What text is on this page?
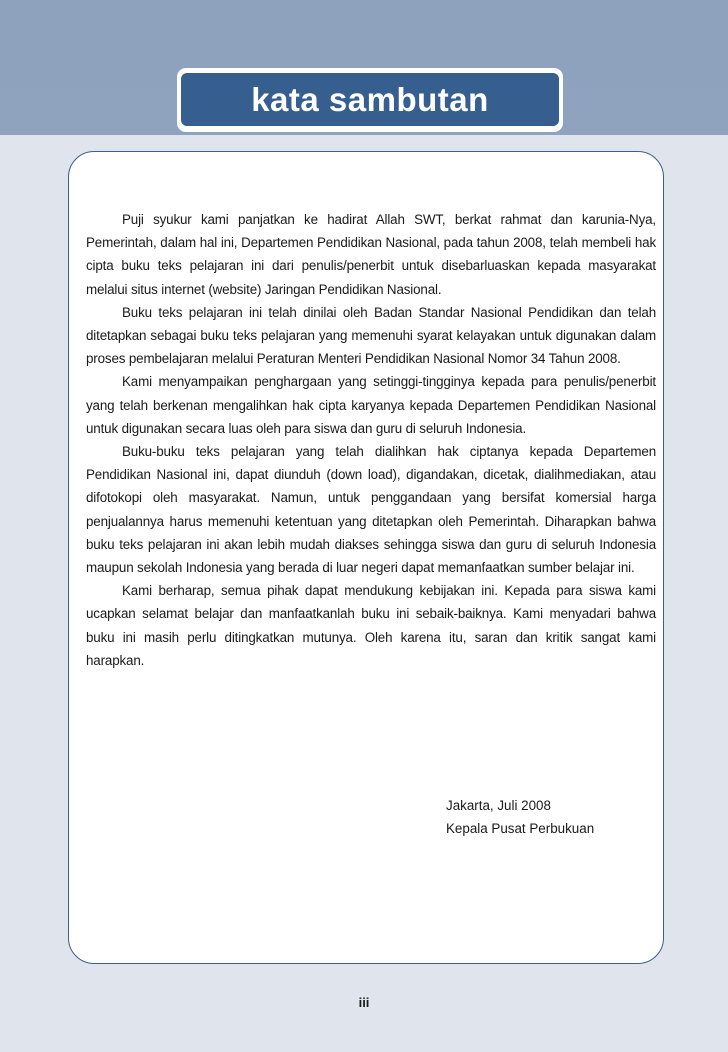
kata sambutan

Puji syukur kami panjatkan ke hadirat Allah SWT, berkat rahmat dan karunia-Nya, Pemerintah, dalam hal ini, Departemen Pendidikan Nasional, pada tahun 2008, telah membeli hak cipta buku teks pelajaran ini dari penulis/penerbit untuk disebarluaskan kepada masyarakat melalui situs internet (website) Jaringan Pendidikan Nasional.

Buku teks pelajaran ini telah dinilai oleh Badan Standar Nasional Pendidikan dan telah ditetapkan sebagai buku teks pelajaran yang memenuhi syarat kelayakan untuk digunakan dalam proses pembelajaran melalui Peraturan Menteri Pendidikan Nasional Nomor 34 Tahun 2008.

Kami menyampaikan penghargaan yang setinggi-tingginya kepada para penulis/penerbit yang telah berkenan mengalihkan hak cipta karyanya kepada Departemen Pendidikan Nasional untuk digunakan secara luas oleh para siswa dan guru di seluruh Indonesia.

Buku-buku teks pelajaran yang telah dialihkan hak ciptanya kepada Departemen Pendidikan Nasional ini, dapat diunduh (down load), digandakan, dicetak, dialihmediakan, atau difotokopi oleh masyarakat. Namun, untuk penggandaan yang bersifat komersial harga penjualannya harus memenuhi ketentuan yang ditetapkan oleh Pemerintah. Diharapkan bahwa buku teks pelajaran ini akan lebih mudah diakses sehingga siswa dan guru di seluruh Indonesia maupun sekolah Indonesia yang berada di luar negeri dapat memanfaatkan sumber belajar ini.

Kami berharap, semua pihak dapat mendukung kebijakan ini. Kepada para siswa kami ucapkan selamat belajar dan manfaatkanlah buku ini sebaik-baiknya. Kami menyadari bahwa buku ini masih perlu ditingkatkan mutunya. Oleh karena itu, saran dan kritik sangat kami harapkan.

Jakarta, Juli 2008
Kepala Pusat Perbukuan
iii
